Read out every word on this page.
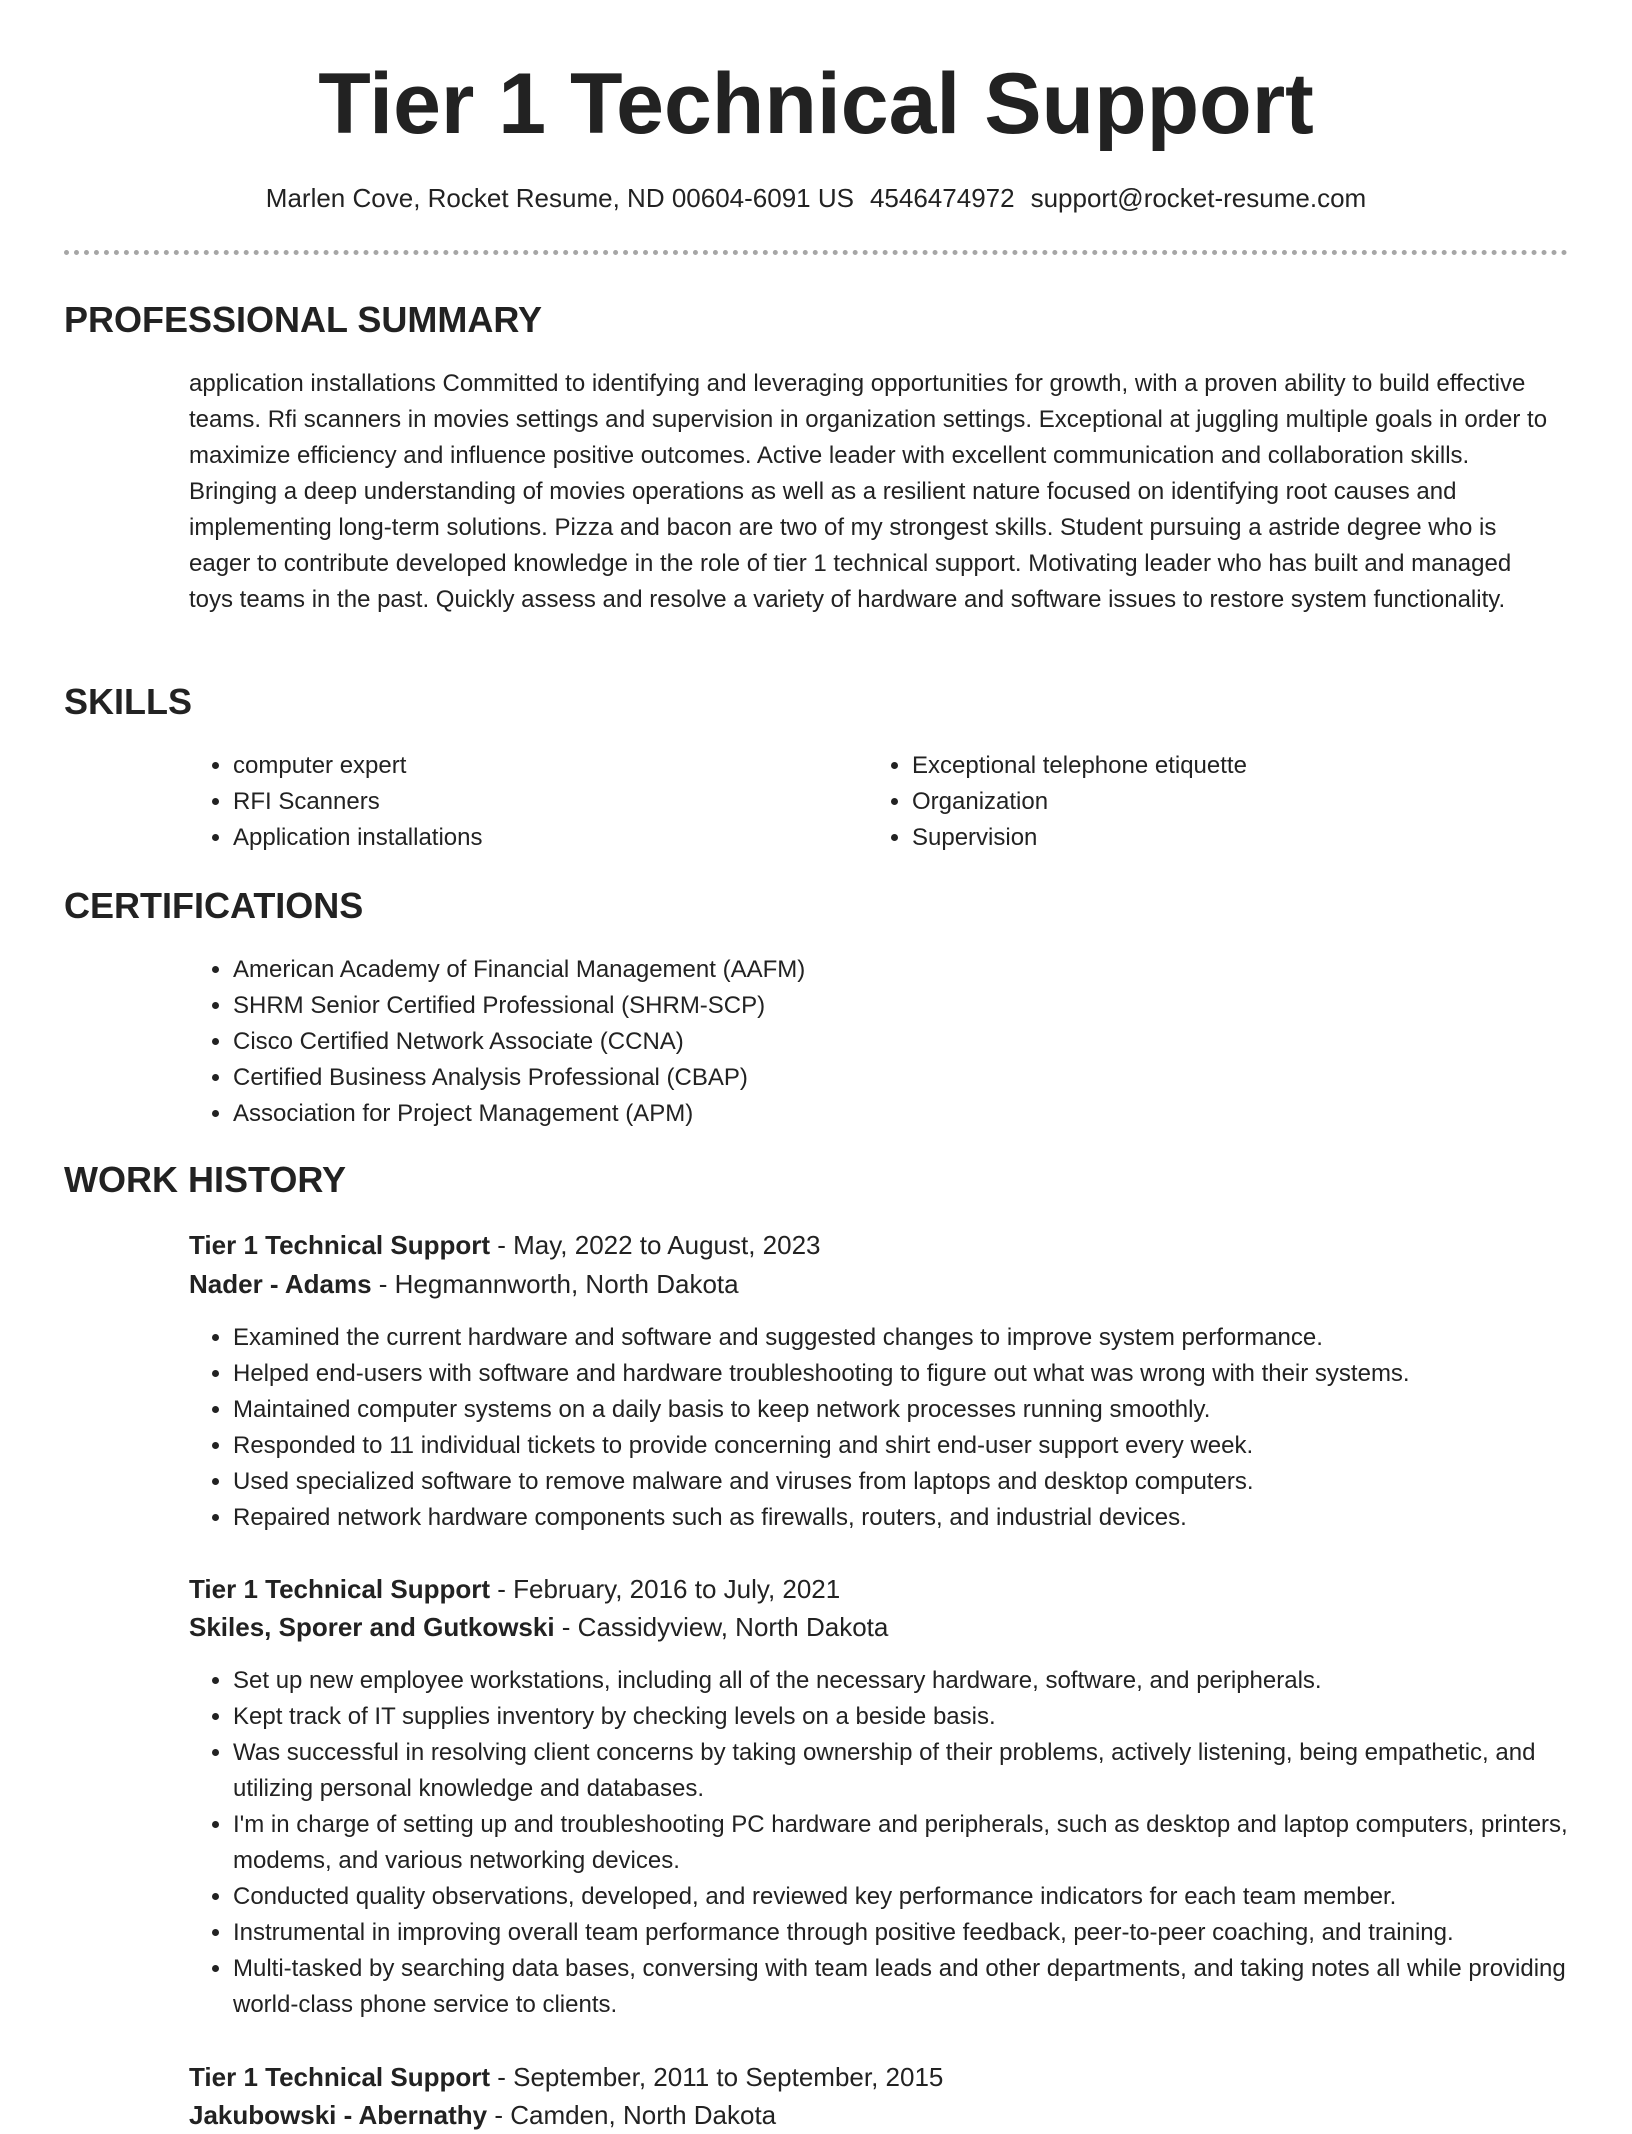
Tier 1 Technical Support
Marlen Cove, Rocket Resume, ND 00604-6091 US 4546474972 support@rocket-resume.com
PROFESSIONAL SUMMARY

application installations Committed to identifying and leveraging opportunities for growth, with a proven ability to build effective teams. Rfi scanners in movies settings and supervision in organization settings. Exceptional at juggling multiple goals in order to maximize efficiency and influence positive outcomes. Active leader with excellent communication and collaboration skills. Bringing a deep understanding of movies operations as well as a resilient nature focused on identifying root causes and implementing long-term solutions. Pizza and bacon are two of my strongest skills. Student pursuing a astride degree who is eager to contribute developed knowledge in the role of tier 1 technical support. Motivating leader who has built and managed toys teams in the past. Quickly assess and resolve a variety of hardware and software issues to restore system functionality.

SKILLS
• computer expert
• RFI Scanners
• Application installations
• Exceptional telephone etiquette
• Organization
• Supervision
CERTIFICATIONS
• American Academy of Financial Management (AAFM)
• SHRM Senior Certified Professional (SHRM-SCP)
• Cisco Certified Network Associate (CCNA)
• Certified Business Analysis Professional (CBAP)
• Association for Project Management (APM)
WORK HISTORY
Tier 1 Technical Support - May, 2022 to August, 2023
Nader - Adams - Hegmannworth, North Dakota
• Examined the current hardware and software and suggested changes to improve system performance.
• Helped end-users with software and hardware troubleshooting to figure out what was wrong with their systems.
• Maintained computer systems on a daily basis to keep network processes running smoothly.
• Responded to 11 individual tickets to provide concerning and shirt end-user support every week.
• Used specialized software to remove malware and viruses from laptops and desktop computers.
• Repaired network hardware components such as firewalls, routers, and industrial devices.
Tier 1 Technical Support - February, 2016 to July, 2021
Skiles, Sporer and Gutkowski - Cassidyview, North Dakota
• Set up new employee workstations, including all of the necessary hardware, software, and peripherals.
• Kept track of IT supplies inventory by checking levels on a beside basis.
• Was successful in resolving client concerns by taking ownership of their problems, actively listening, being empathetic, and utilizing personal knowledge and databases.
• I'm in charge of setting up and troubleshooting PC hardware and peripherals, such as desktop and laptop computers, printers, modems, and various networking devices.
• Conducted quality observations, developed, and reviewed key performance indicators for each team member.
• Instrumental in improving overall team performance through positive feedback, peer-to-peer coaching, and training.
• Multi-tasked by searching data bases, conversing with team leads and other departments, and taking notes all while providing world-class phone service to clients.
Tier 1 Technical Support - September, 2011 to September, 2015
Jakubowski - Abernathy - Camden, North Dakota
